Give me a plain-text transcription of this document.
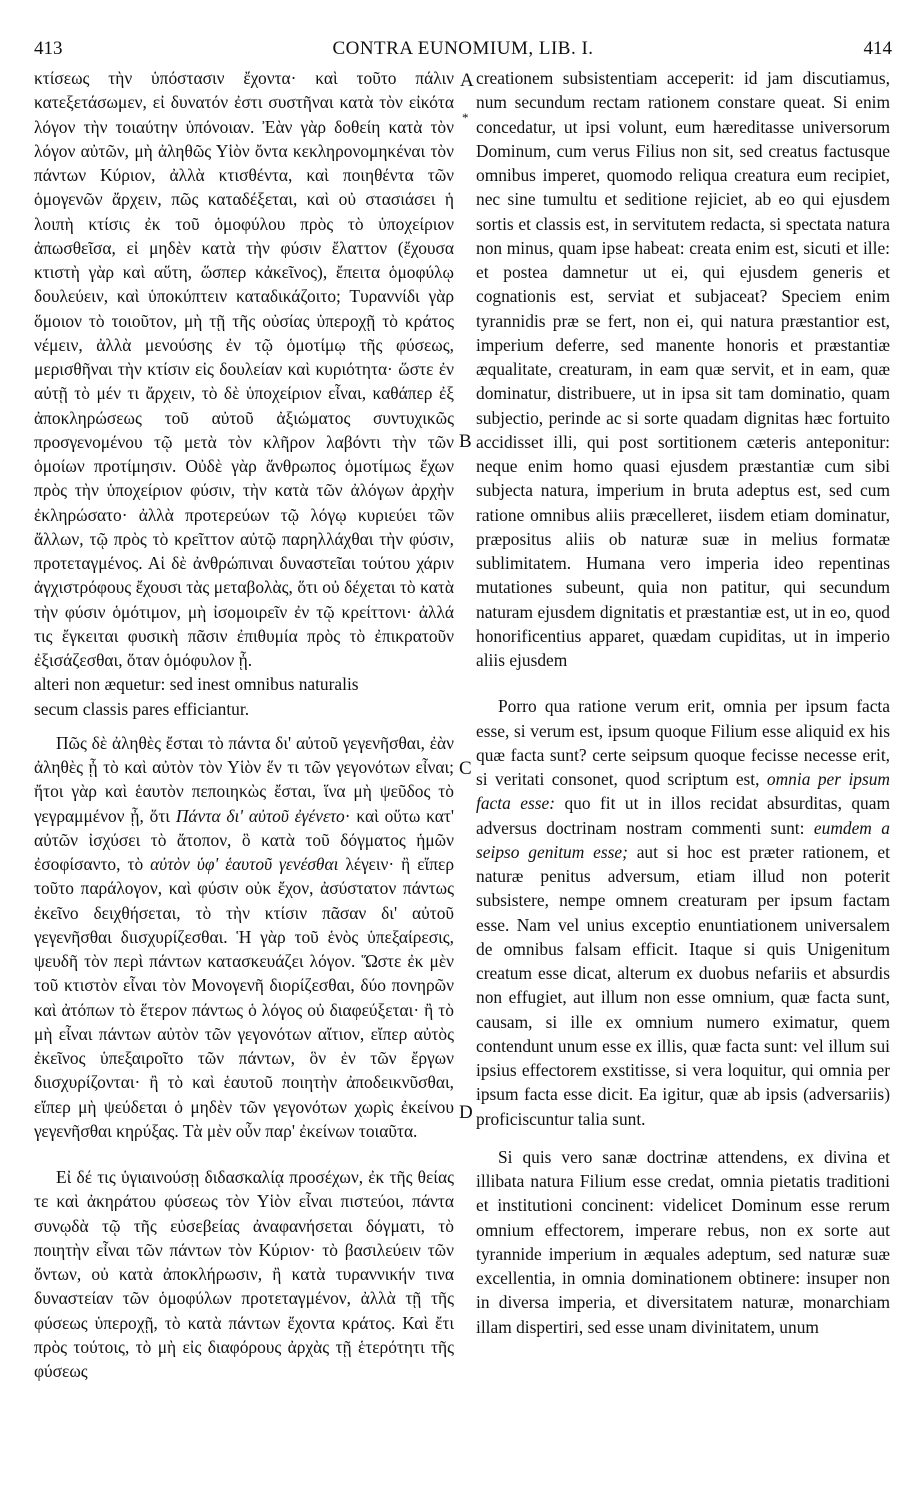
413	CONTRA EUNOMIUM, LIB. I.	414

κτίσεως τὴν ὑπόστασιν ἔχοντα· καὶ τοῦτο πάλιν κατεξετάσωμεν, εἰ δυνατόν ἐστι συστῆναι κατὰ τὸν εἰκότα λόγον τὴν τοιαύτην ὑπόνοιαν. Ἐὰν γὰρ δοθείη κατὰ τὸν λόγον αὐτῶν, μὴ ἀληθῶς Υἱὸν ὄντα κεκληρονομηκέναι τὸν πάντων Κύριον, ἀλλὰ κτισθέντα, καὶ ποιηθέντα τῶν ὁμογενῶν ἄρχειν, πῶς καταδέξεται, καὶ οὐ στασιάσει ἡ λοιπὴ κτίσις ἐκ τοῦ ὁμοφύλου πρὸς τὸ ὑποχείριον ἀπωσθεῖσα, εἰ μηδὲν κατὰ τὴν φύσιν ἔλαττον (ἔχουσα κτιστὴ γὰρ καὶ αὕτη, ὥσπερ κἀκεῖνος), ἔπειτα ὁμοφύλῳ δουλεύειν, καὶ ὑποκύπτειν καταδικάζοιτο; Τυραννίδι γὰρ ὅμοιον τὸ τοιοῦτον, μὴ τῇ τῆς οὐσίας ὑπεροχῇ τὸ κράτος νέμειν, ἀλλὰ μενούσης ἐν τῷ ὁμοτίμῳ τῆς φύσεως, μερισθῆναι τὴν κτίσιν εἰς δουλείαν καὶ κυριότητα· ὥστε ἐν αὐτῇ τὸ μέν τι ἄρχειν, τὸ δὲ ὑποχείριον εἶναι, καθάπερ ἐξ ἀποκληρώσεως τοῦ αὐτοῦ ἀξιώματος συντυχικῶς προσγενομένου τῷ μετὰ τὸν κλῆρον λαβόντι τὴν τῶν ὁμοίων προτίμησιν. Οὐδὲ γὰρ ἄνθρωπος ὁμοτίμως ἔχων πρὸς τὴν ὑποχείριον φύσιν, τὴν κατὰ τῶν ἀλόγων ἀρχὴν ἐκληρώσατο· ἀλλὰ προτερεύων τῷ λόγῳ κυριεύει τῶν ἄλλων, τῷ πρὸς τὸ κρεῖττον αὐτῷ παρηλλάχθαι τὴν φύσιν, προτεταγμένος. Αἱ δὲ ἀνθρώπιναι δυναστεῖαι τούτου χάριν ἀγχιστρόφους ἔχουσι τὰς μεταβολὰς, ὅτι οὐ δέχεται τὸ κατὰ τὴν φύσιν ὁμότιμον, μὴ ἰσομοιρεῖν ἐν τῷ κρείττονι· ἀλλά τις ἔγκειται φυσικὴ πᾶσιν ἐπιθυμία πρὸς τὸ ἐπικρατοῦν ἐξισάζεσθαι, ὅταν ὁμόφυλον ᾖ.

alteri non æquetur: sed inest omnibus naturalis

secum classis pares efficiantur.

Πῶς δὲ ἀληθὲς ἔσται τὸ πάντα δι' αὐτοῦ γεγενῆσθαι, ἐὰν ἀληθὲς ᾖ τὸ καὶ αὐτὸν τὸν Υἱὸν ἕν τι τῶν γεγονότων εἶναι; ἤτοι γὰρ καὶ ἑαυτὸν πεποιηκὼς ἔσται, ἵνα μὴ ψεῦδος τὸ γεγραμμένον ᾖ, ὅτι Πάντα δι' αὐτοῦ ἐγένετο· καὶ οὕτω κατ' αὐτῶν ἰσχύσει τὸ ἄτοπον, ὃ κατὰ τοῦ δόγματος ἡμῶν ἐσοφίσαντο, τὸ αὐτὸν ὑφ' ἑαυτοῦ γενέσθαι λέγειν· ἢ εἴπερ τοῦτο παράλογον, καὶ φύσιν οὐκ ἔχον, ἀσύστατον πάντως ἐκεῖνο δειχθήσεται, τὸ τὴν κτίσιν πᾶσαν δι' αὐτοῦ γεγενῆσθαι διισχυρίζεσθαι. Ἡ γὰρ τοῦ ἑνὸς ὑπεξαίρεσις, ψευδῆ τὸν περὶ πάντων κατασκευάζει λόγον. Ὥστε ἐκ μὲν τοῦ κτιστὸν εἶναι τὸν Μονογενῆ διορίζεσθαι, δύο πονηρῶν καὶ ἀτόπων τὸ ἕτερον πάντως ὁ λόγος οὐ διαφεύξεται· ἢ τὸ μὴ εἶναι πάντων αὐτὸν τῶν γεγονότων αἴτιον, εἴπερ αὐτὸς ἐκεῖνος ὑπεξαιροῖτο τῶν πάντων, ὃν ἐν τῶν ἔργων διισχυρίζονται· ἢ τὸ καὶ ἑαυτοῦ ποιητὴν ἀποδεικνῦσθαι, εἴπερ μὴ ψεύδεται ὁ μηδὲν τῶν γεγονότων χωρὶς ἐκείνου γεγενῆσθαι κηρύξας. Τὰ μὲν οὖν παρ' ἐκείνων τοιαῦτα.

Εἰ δέ τις ὑγιαινούσῃ διδασκαλίᾳ προσέχων, ἐκ τῆς θείας τε καὶ ἀκηράτου φύσεως τὸν Υἱὸν εἶναι πιστεύοι, πάντα συνῳδὰ τῷ τῆς εὐσεβείας ἀναφανήσεται δόγματι, τὸ ποιητὴν εἶναι τῶν πάντων τὸν Κύριον· τὸ βασιλεύειν τῶν ὄντων, οὐ κατὰ ἀποκλήρωσιν, ἢ κατὰ τυραννικήν τινα δυναστείαν τῶν ὁμοφύλων προτεταγμένον, ἀλλὰ τῇ τῆς φύσεως ὑπεροχῇ, τὸ κατὰ πάντων ἔχοντα κράτος. Καὶ ἔτι πρὸς τούτοις, τὸ μὴ εἰς διαφόρους ἀρχὰς τῇ ἑτερότητι τῆς φύσεως

creationem subsistentiam acceperit: id jam discutiamus, num secundum rectam rationem constare queat. Si enim concedatur, ut ipsi volunt, eum hæreditasse universorum Dominum, cum verus Filius non sit, sed creatus factusque omnibus imperet, quomodo reliqua creatura eum recipiet, nec sine tumultu et seditione rejiciet, ab eo qui ejusdem sortis et classis est, in servitutem redacta, si spectata natura non minus, quam ipse habeat: creata enim est, sicuti et ille: et postea damnetur ut ei, qui ejusdem generis et cognationis est, serviat et subjaceat? Speciem enim tyrannidis præ se fert, non ei, qui natura præstantior est, imperium deferre, sed manente honoris et præstantiæ æqualitate, creaturam, in eam quæ servit, et in eam, quæ dominatur, distribuere, ut in ipsa sit tam dominatio, quam subjectio, perinde ac si sorte quadam dignitas hæc fortuito accidisset illi, qui post sortitionem cæteris anteponitur: neque enim homo quasi ejusdem præstantiæ cum sibi subjecta natura, imperium in bruta adeptus est, sed cum ratione omnibus aliis præcelleret, iisdem etiam dominatur, præpositus aliis ob naturæ suæ in melius formatæ sublimitatem. Humana vero imperia ideo repentinas mutationes subeunt, quia non patitur, qui secundum naturam ejusdem dignitatis et præstantiæ est, ut in eo, quod honorificentius apparet, quædam cupiditas, ut in imperio aliis ejusdem

Porro qua ratione verum erit, omnia per ipsum facta esse, si verum est, ipsum quoque Filium esse aliquid ex his quæ facta sunt? certe seipsum quoque fecisse necesse erit, si veritati consonet, quod scriptum est, omnia per ipsum facta esse: quo fit ut in illos recidat absurditas, quam adversus doctrinam nostram commenti sunt: eumdem a seipso genitum esse; aut si hoc est præter rationem, et naturæ penitus adversum, etiam illud non poterit subsistere, nempe omnem creaturam per ipsum factam esse. Nam vel unius exceptio enuntiationem universalem de omnibus falsam efficit. Itaque si quis Unigenitum creatum esse dicat, alterum ex duobus nefariis et absurdis non effugiet, aut illum non esse omnium, quæ facta sunt, causam, si ille ex omnium numero eximatur, quem contendunt unum esse ex illis, quæ facta sunt: vel illum sui ipsius effectorem exstitisse, si vera loquitur, qui omnia per ipsum facta esse dicit. Ea igitur, quæ ab ipsis (adversariis) proficiscuntur talia sunt.

Si quis vero sanæ doctrinæ attendens, ex divina et illibata natura Filium esse credat, omnia pietatis traditioni et institutioni concinent: videlicet Dominum esse rerum omnium effectorem, imperare rebus, non ex sorte aut tyrannide imperium in æquales adeptum, sed naturæ suæ excellentia, in omnia dominationem obtinere: insuper non in diversa imperia, et diversitatem naturæ, monarchiam illam dispertiri, sed esse unam divinitatem, unum

A
*
B
C
D
